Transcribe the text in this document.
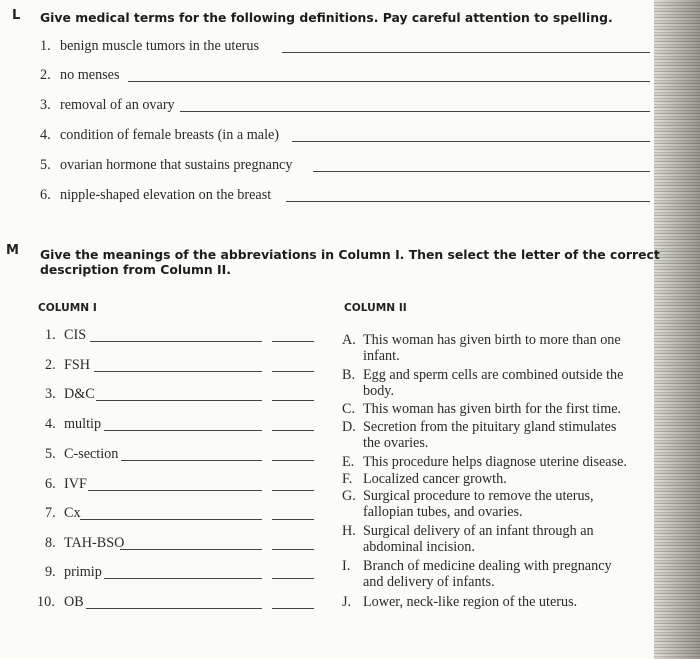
L Give medical terms for the following definitions. Pay careful attention to spelling.
1. benign muscle tumors in the uterus
2. no menses
3. removal of an ovary
4. condition of female breasts (in a male)
5. ovarian hormone that sustains pregnancy
6. nipple-shaped elevation on the breast
M Give the meanings of the abbreviations in Column I. Then select the letter of the correct
description from Column II.
COLUMN I	COLUMN II
1. CIS
2. FSH
3. D&C
4. multip
5. C-section
6. IVF
7. Cx
8. TAH-BSO
9. primip
10. OB
A. This woman has given birth to more than one
infant.
B. Egg and sperm cells are combined outside the
body.
C. This woman has given birth for the first time.
D. Secretion from the pituitary gland stimulates
the ovaries.
E. This procedure helps diagnose uterine disease.
F. Localized cancer growth.
G. Surgical procedure to remove the uterus,
fallopian tubes, and ovaries.
H. Surgical delivery of an infant through an
abdominal incision.
I. Branch of medicine dealing with pregnancy
and delivery of infants.
J. Lower, neck-like region of the uterus.
